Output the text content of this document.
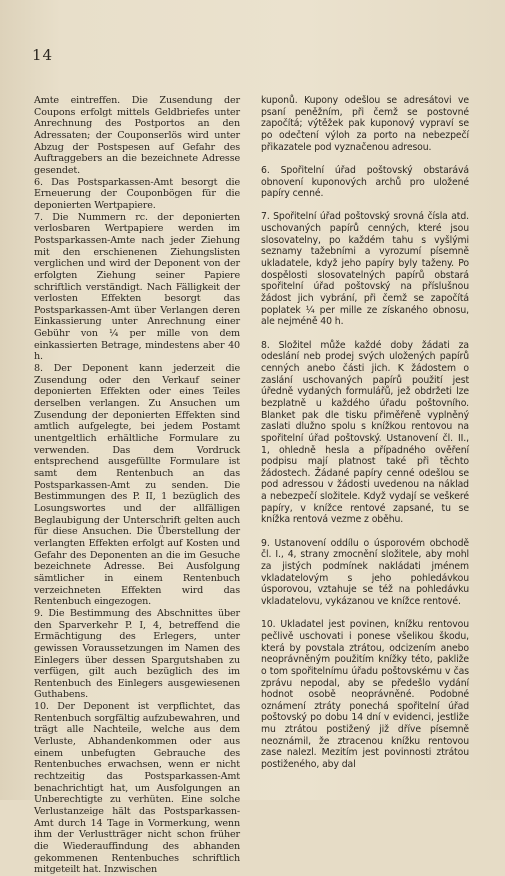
14

Amte eintreffen. Die Zusendung der Coupons erfolgt mittels Geldbriefes unter Anrechnung des Postportos an den Adressaten; der Couponserlös wird unter Abzug der Postspesen auf Gefahr des Auftraggebers an die bezeichnete Adresse gesendet.

6. Das Postsparkassen-Amt besorgt die Erneuerung der Couponbögen für die deponierten Wertpapiere.

7. Die Nummern rc. der deponierten verlosbaren Wertpapiere werden im Postsparkassen-Amte nach jeder Ziehung mit den erschienenen Ziehungslisten verglichen und wird der Deponent von der erfolgten Ziehung seiner Papiere schriftlich verständigt. Nach Fälligkeit der verlosten Effekten besorgt das Postsparkassen-Amt über Verlangen deren Einkassierung unter Anrechnung einer Gebühr von ¼ per mille von dem einkassierten Betrage, mindestens aber 40 h.

8. Der Deponent kann jederzeit die Zusendung oder den Verkauf seiner deponierten Effekten oder eines Teiles derselben verlangen. Zu Ansuchen um Zusendung der deponierten Effekten sind amtlich aufgelegte, bei jedem Postamt unentgeltlich erhältliche Formulare zu verwenden. Das dem Vordruck entsprechend ausgefüllte Formulare ist samt dem Rentenbuch an das Postsparkassen-Amt zu senden. Die Bestimmungen des P. II, 1 bezüglich des Losungswortes und der allfälligen Beglaubigung der Unterschrift gelten auch für diese Ansuchen. Die Überstellung der verlangten Effekten erfolgt auf Kosten und Gefahr des Deponenten an die im Gesuche bezeichnete Adresse. Bei Ausfolgung sämtlicher in einem Rentenbuch verzeichneten Effekten wird das Rentenbuch eingezogen.

9. Die Bestimmung des Abschnittes über den Sparverkehr P. I, 4, betreffend die Ermächtigung des Erlegers, unter gewissen Voraussetzungen im Namen des Einlegers über dessen Spargutshaben zu verfügen, gilt auch bezüglich des im Rentenbuch des Einlegers ausgewiesenen Guthabens.

10. Der Deponent ist verpflichtet, das Rentenbuch sorgfältig aufzubewahren, und trägt alle Nachteile, welche aus dem Verluste, Abhandenkommen oder aus einem unbefugten Gebrauche des Rentenbuches erwachsen, wenn er nicht rechtzeitig das Postsparkassen-Amt benachrichtigt hat, um Ausfolgungen an Unberechtigte zu verhüten. Eine solche Verlustanzeige hält das Postsparkassen-Amt durch 14 Tage in Vormerkung, wenn ihm der Verlustträger nicht schon früher die Wiederauffindung des abhanden gekommenen Rentenbuches schriftlich mitgeteilt hat. Inzwischen

kuponů. Kupony odešlou se adresátovi ve psaní peněžním, při čemž se postovné započítá; výtěžek pak kuponový vypraví se po odečtení výloh za porto na nebezpečí přikazatele pod vyznačenou adresou.

6. Spořitelní úřad poštovský obstarává obnovení kuponových archů pro uložené papíry cenné.

7. Spořitelní úřad poštovský srovná čísla atd. uschovaných papírů cenných, které jsou slosovatelny, po každém tahu s vyšlými seznamy tažebními a vyrozumí písemně ukladatele, když jeho papíry byly taženy. Po dospělosti slosovatelných papírů obstará spořitelní úřad poštovský na příslušnou žádost jich vybrání, při čemž se započítá poplatek ¼ per mille ze získaného obnosu, ale nejméně 40 h.

8. Složitel může každé doby žádati za odeslání neb prodej svých uložených papírů cenných anebo části jich. K žádostem o zaslání uschovaných papírů použití jest úředně vydaných formulářů, jež obdržeti lze bezplatně u každého úřadu poštovního. Blanket pak dle tisku přiměřeně vyplněný zaslati dlužno spolu s knížkou rentovou na spořitelní úřad poštovský. Ustanovení čl. II., 1, ohledně hesla a případného ověření podpisu mají platnost také při těchto žádostech. Žádané papíry cenné odešlou se pod adressou v žádosti uvedenou na náklad a nebezpečí složitele. Když vydají se veškeré papíry, v knížce rentové zapsané, tu se knížka rentová vezme z oběhu.

9. Ustanovení oddílu o úsporovém obchodě čl. I., 4, strany zmocnění složitele, aby mohl za jistých podmínek nakládati jménem vkladatelovým s jeho pohledávkou úsporovou, vztahuje se též na pohledávku vkladatelovu, vykázanou ve knížce rentové.

10. Ukladatel jest povinen, knížku rentovou pečlivě uschovati i ponese všelikou škodu, která by povstala ztrátou, odcizením anebo neoprávněným použitím knížky této, pakliže o tom spořitelnímu úřadu poštovskému v čas zprávu nepodal, aby se předešlo vydání hodnot osobě neoprávněné. Podobné oznámení ztráty ponechá spořitelní úřad poštovský po dobu 14 dní v evidenci, jestliže mu ztrátou postižený již dříve písemně neoznámil, že ztracenou knížku rentovou zase nalezl. Mezitím jest povinnosti ztrátou postiženého, aby dal
